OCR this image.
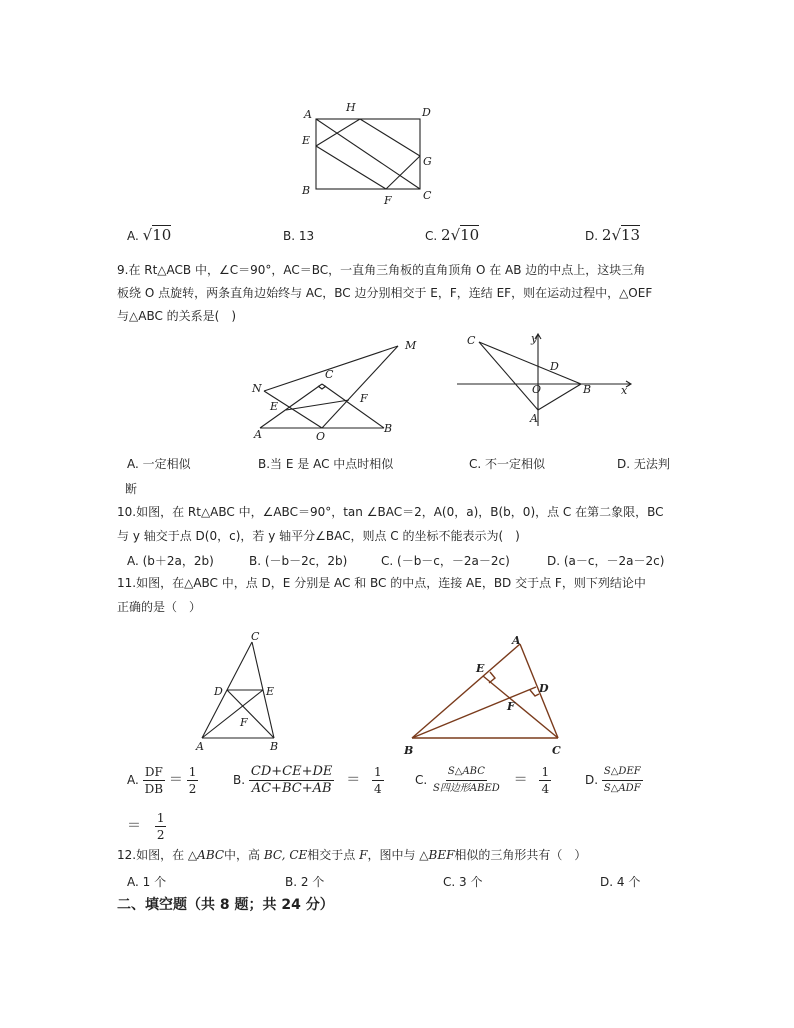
A
H	D
E
G
B
F	C
A. √10	B. 13	C. 2√10	D. 2√13
9.在 Rt△ACB 中，∠C＝90°，AC＝BC，一直角三角板的直角顶角 O 在 AB 边的中点上，这块三角
板绕 O 点旋转，两条直角边始终与 AC，BC 边分别相交于 E，F，连结 EF，则在运动过程中，△OEF
与△ABC 的关系是(　)
M
N
C
E
F
A	O
B
C	y
D
O	B	x
A
A. 一定相似	B.当 E 是 AC 中点时相似	C. 不一定相似	D. 无法判
断
10.如图，在 Rt△ABC 中，∠ABC＝90°，tan ∠BAC＝2，A(0，a)，B(b，0)，点 C 在第二象限，BC
与 y 轴交于点 D(0，c)，若 y 轴平分∠BAC，则点 C 的坐标不能表示为(　)
A. (b＋2a，2b)	B. (－b－2c，2b)	C. (－b－c，－2a－2c)	D. (a－c，－2a－2c)
11.如图，在△ABC 中，点 D，E 分别是 AC 和 BC 的中点，连接 AE，BD 交于点 F，则下列结论中
正确的是（　）
C
D	E
F
A	B
A
E
D
F
B	C
A. $\frac{DF}{DB} = \frac{1}{2}$	B. $\frac{CD+CE+DE}{AC+BC+AB} = \frac{1}{4}$	C. $\frac{\text{S△ABC}}{\text{S四边形ABED}} = \frac{1}{4}$	D. $\frac{\text{S△DEF}}{\text{S△ADF}}$
＝ $\frac{1}{2}$
12.如图，在 △ABC中，高 BC, CE相交于点 F，图中与 △BEF相似的三角形共有（　）
A. 1 个	B. 2 个	C. 3 个	D. 4 个
二、填空题（共 8 题；共 24 分）
